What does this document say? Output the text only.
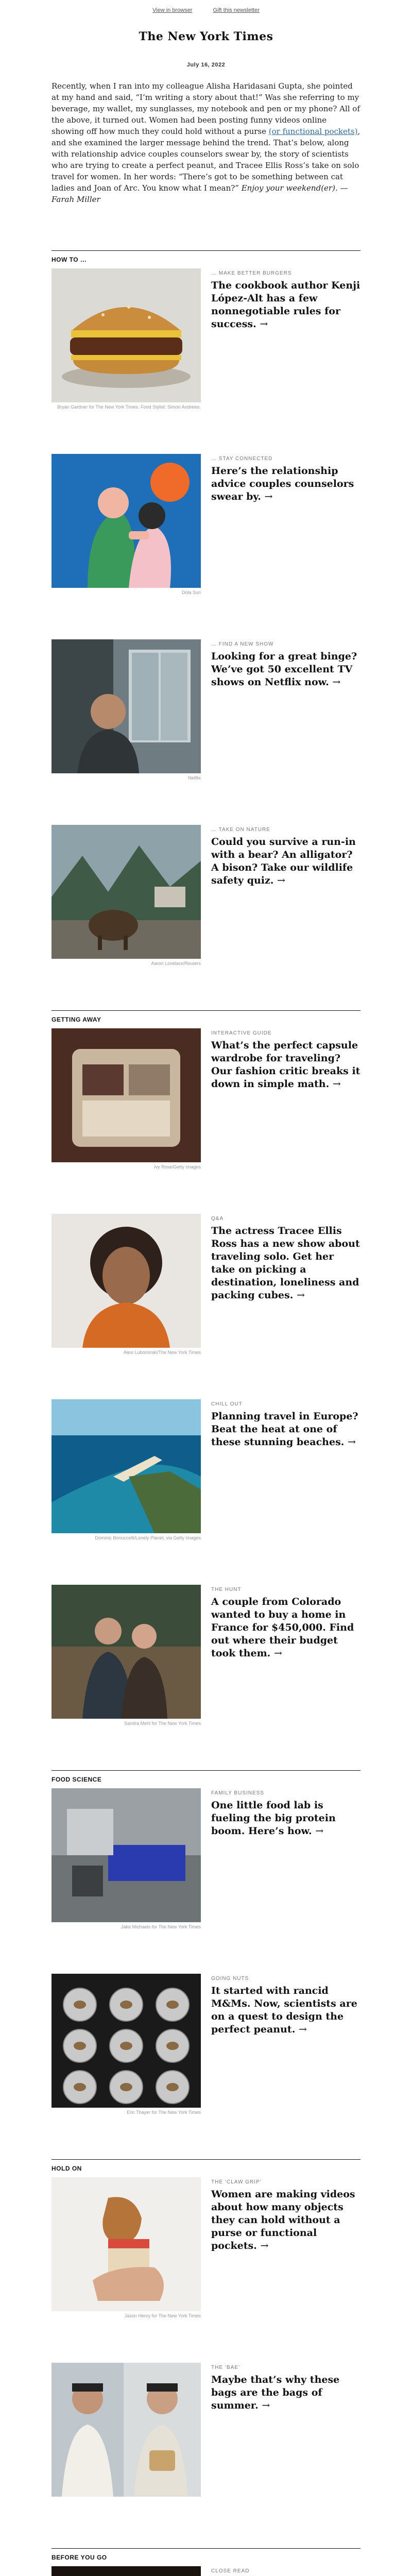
View in browser	Gift this newsletter
The New York Times
July 16, 2022
Recently, when I ran into my colleague Alisha Haridasani Gupta, she pointed at my hand and said, “I’m writing a story about that!” Was she referring to my beverage, my wallet, my sunglasses, my notebook and pen or my phone? All of the above, it turned out. Women had been posting funny videos online showing off how much they could hold without a purse (or functional pockets), and she examined the larger message behind the trend. That’s below, along with relationship advice couples counselors swear by, the story of scientists who are trying to create a perfect peanut, and Tracee Ellis Ross’s take on solo travel for women. In her words: “There’s got to be something between cat ladies and Joan of Arc. You know what I mean?” Enjoy your weekend(er). — Farah Miller
HOW TO …
Bryan Gardner for The New York Times. Food Stylist: Simon Andrews.
… MAKE BETTER BURGERS
The cookbook author Kenji López-Alt has a few nonnegotiable rules for success. →
Dola Sun
… STAY CONNECTED
Here’s the relationship advice couples counselors swear by. →
Netflix
… FIND A NEW SHOW
Looking for a great binge? We’ve got 50 excellent TV shows on Netflix now. →
Aaron Lovelace/Reuters
… TAKE ON NATURE
Could you survive a run-in with a bear? An alligator? A bison? Take our wildlife safety quiz. →
GETTING AWAY
Ivy Rose/Getty Images
INTERACTIVE GUIDE
What’s the perfect capsule wardrobe for traveling? Our fashion critic breaks it down in simple math. →
Alexi Lubomirski/The New York Times
Q&A
The actress Tracee Ellis Ross has a new show about traveling solo. Get her take on picking a destination, loneliness and packing cubes. →
Dominic Bonuccelli/Lonely Planet, via Getty Images
CHILL OUT
Planning travel in Europe? Beat the heat at one of these stunning beaches. →
Sandra Mehl for The New York Times
THE HUNT
A couple from Colorado wanted to buy a home in France for $450,000. Find out where their budget took them. →
FOOD SCIENCE
Jake Michaels for The New York Times
FAMILY BUSINESS
One little food lab is fueling the big protein boom. Here’s how. →
Eric Thayer for The New York Times
GOING NUTS
It started with rancid M&Ms. Now, scientists are on a quest to design the perfect peanut. →
HOLD ON
Jason Henry for The New York Times
THE ‘CLAW GRIP’
Women are making videos about how many objects they can hold without a purse or functional pockets. →
THE ‘BAE’
Maybe that’s why these bags are the bags of summer. →
BEFORE YOU GO
CLOSE READ
